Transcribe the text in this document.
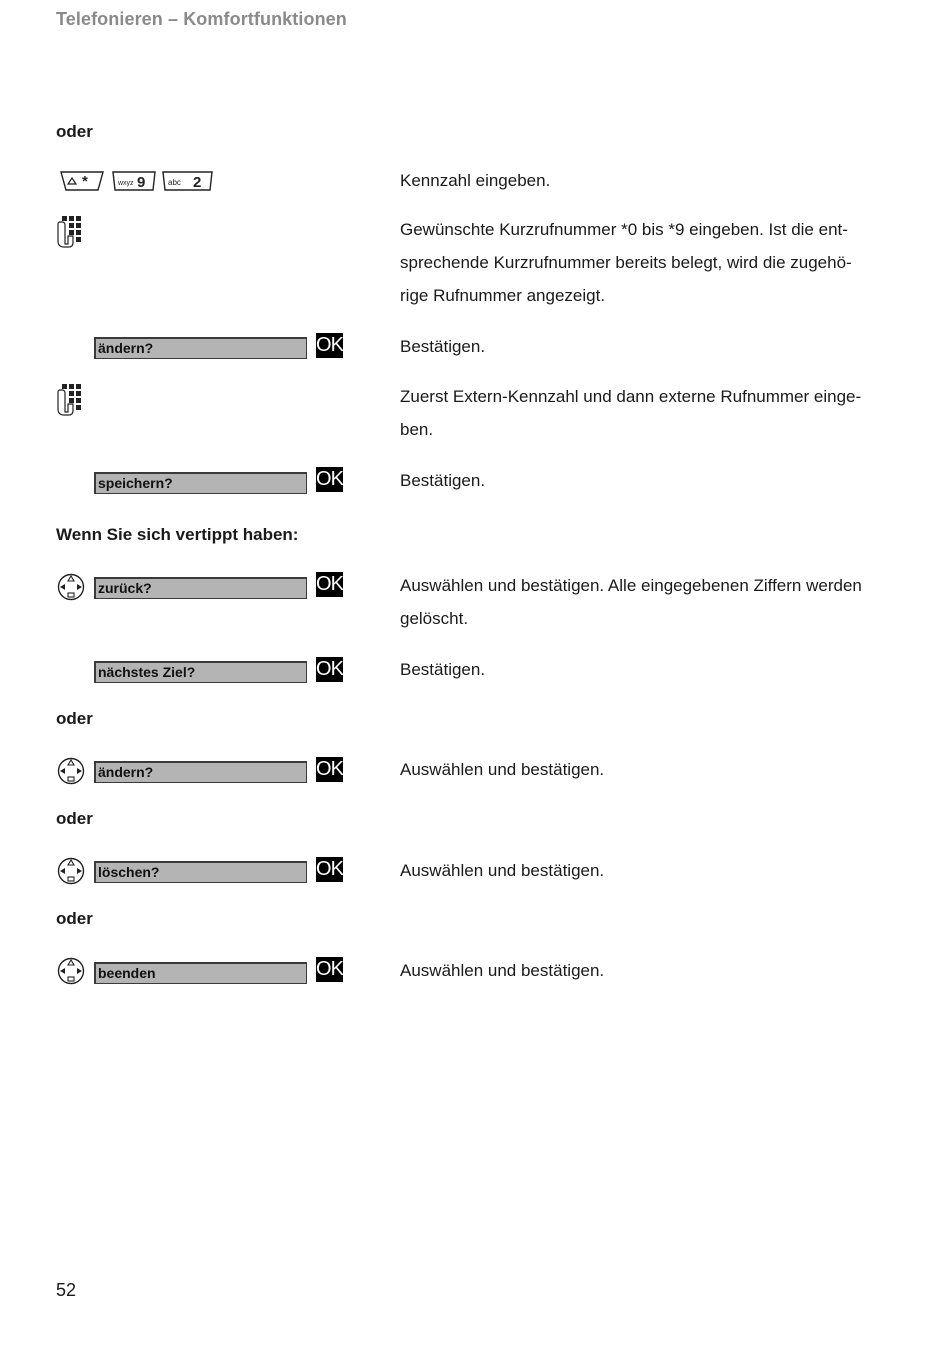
Telefonieren – Komfortfunktionen
oder
*	wxyz 9	abc 2	Kennzahl eingeben.
Gewünschte Kurzrufnummer *0 bis *9 eingeben. Ist die ent-sprechende Kurzrufnummer bereits belegt, wird die zugehö-rige Rufnummer angezeigt.
ändern?	OK	Bestätigen.
Zuerst Extern-Kennzahl und dann externe Rufnummer einge-ben.
speichern?	OK	Bestätigen.
Wenn Sie sich vertippt haben:
zurück?	OK	Auswählen und bestätigen. Alle eingegebenen Ziffern werden gelöscht.
nächstes Ziel?	OK	Bestätigen.
oder
ändern?	OK	Auswählen und bestätigen.
oder
löschen?	OK	Auswählen und bestätigen.
oder
beenden	OK	Auswählen und bestätigen.
52
